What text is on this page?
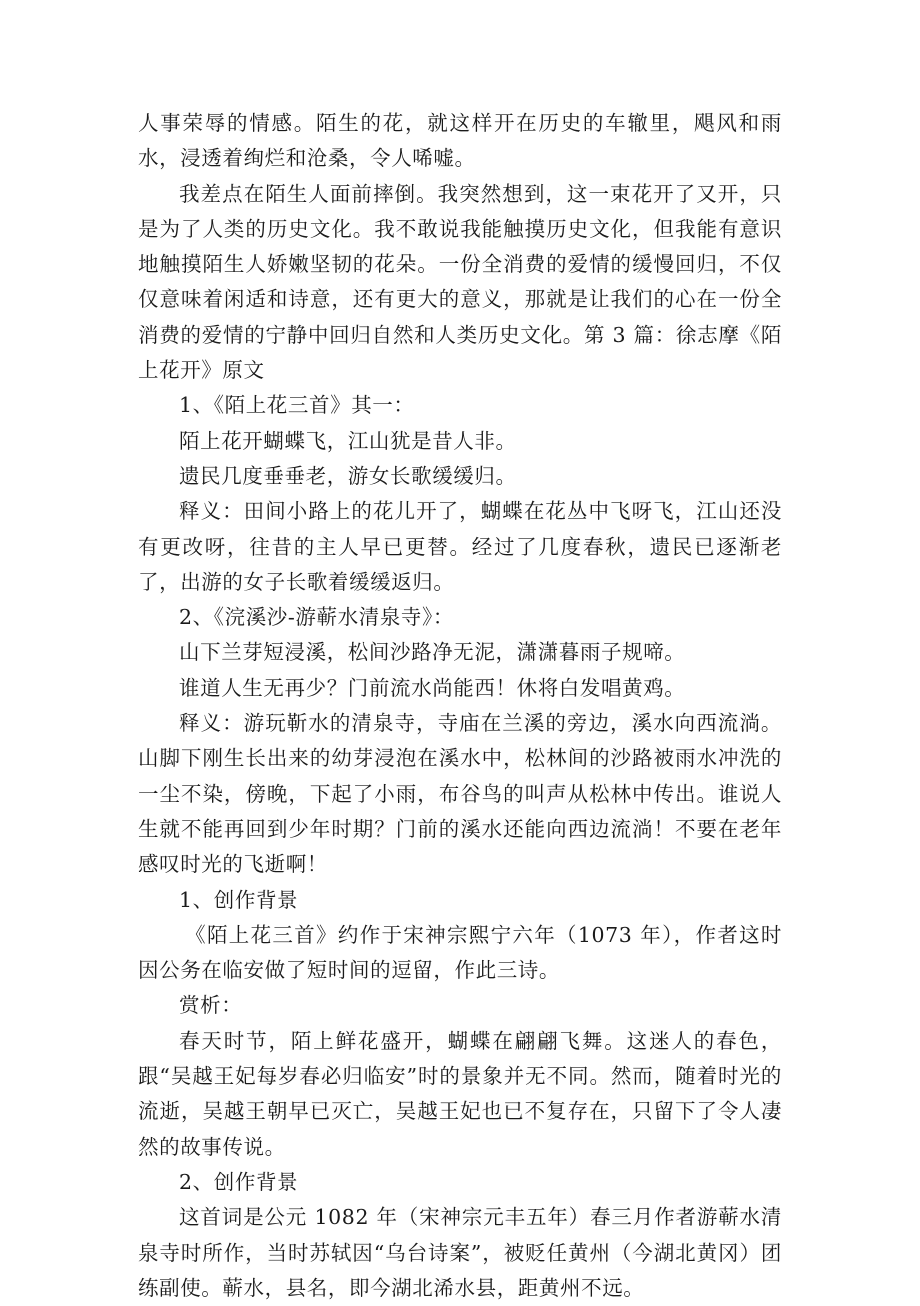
人事荣辱的情感。陌生的花，就这样开在历史的车辙里，飓风和雨水，浸透着绚烂和沧桑，令人唏嘘。

我差点在陌生人面前摔倒。我突然想到，这一束花开了又开，只是为了人类的历史文化。我不敢说我能触摸历史文化，但我能有意识地触摸陌生人娇嫩坚韧的花朵。一份全消费的爱情的缓慢回归，不仅仅意味着闲适和诗意，还有更大的意义，那就是让我们的心在一份全消费的爱情的宁静中回归自然和人类历史文化。第 3 篇：徐志摩《陌上花开》原文

1、《陌上花三首》其一：

陌上花开蝴蝶飞，江山犹是昔人非。

遗民几度垂垂老，游女长歌缓缓归。

释义：田间小路上的花儿开了，蝴蝶在花丛中飞呀飞，江山还没有更改呀，往昔的主人早已更替。经过了几度春秋，遗民已逐渐老了，出游的女子长歌着缓缓返归。

2、《浣溪沙-游蕲水清泉寺》：

山下兰芽短浸溪，松间沙路净无泥，潇潇暮雨子规啼。

谁道人生无再少？门前流水尚能西！休将白发唱黄鸡。

释义：游玩靳水的清泉寺，寺庙在兰溪的旁边，溪水向西流淌。山脚下刚生长出来的幼芽浸泡在溪水中，松林间的沙路被雨水冲洗的一尘不染，傍晚，下起了小雨，布谷鸟的叫声从松林中传出。谁说人生就不能再回到少年时期？门前的溪水还能向西边流淌！不要在老年感叹时光的飞逝啊！

1、创作背景

《陌上花三首》约作于宋神宗熙宁六年（1073 年），作者这时因公务在临安做了短时间的逗留，作此三诗。

赏析：

春天时节，陌上鲜花盛开，蝴蝶在翩翩飞舞。这迷人的春色，跟“吴越王妃每岁春必归临安”时的景象并无不同。然而，随着时光的流逝，吴越王朝早已灭亡，吴越王妃也已不复存在，只留下了令人凄然的故事传说。

2、创作背景

这首词是公元 1082 年（宋神宗元丰五年）春三月作者游蕲水清泉寺时所作，当时苏轼因“乌台诗案”，被贬任黄州（今湖北黄冈）团练副使。蕲水，县名，即今湖北浠水县，距黄州不远。
